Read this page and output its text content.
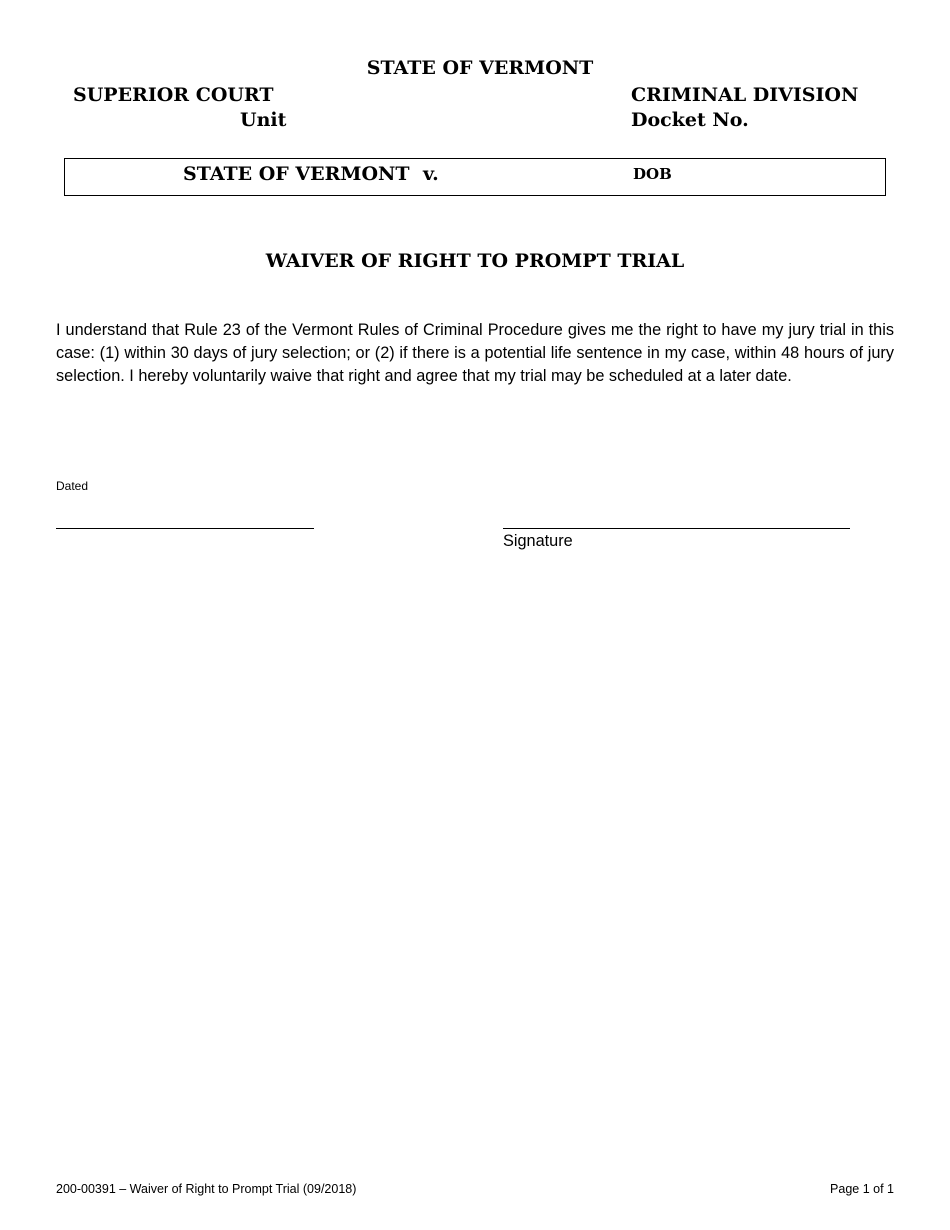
STATE OF VERMONT
SUPERIOR COURT
Unit
CRIMINAL DIVISION
Docket No.
STATE OF VERMONT v.	DOB
WAIVER OF RIGHT TO PROMPT TRIAL

I understand that Rule 23 of the Vermont Rules of Criminal Procedure gives me the right to have my jury trial in this case: (1) within 30 days of jury selection; or (2) if there is a potential life sentence in my case, within 48 hours of jury selection. I hereby voluntarily waive that right and agree that my trial may be scheduled at a later date.

Dated
Signature
200-00391 – Waiver of Right to Prompt Trial (09/2018)	Page 1 of 1
